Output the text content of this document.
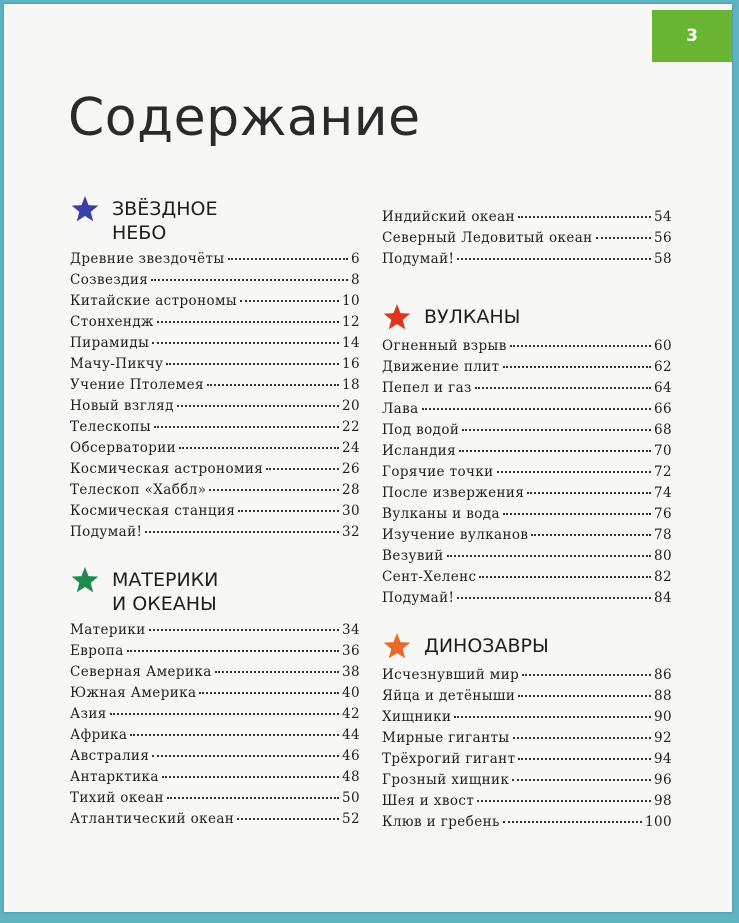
3
Содержание
ЗВЁЗДНОЕ
НЕБО
Древние звездочёты	6
Созвездия	8
Китайские астрономы	10
Стонхендж	12
Пирамиды	14
Мачу-Пикчу	16
Учение Птолемея	18
Новый взгляд	20
Телескопы	22
Обсерватории	24
Космическая астрономия	26
Телескоп «Хаббл»	28
Космическая станция	30
Подумай!	32
МАТЕРИКИ
И ОКЕАНЫ
Материки	34
Европа	36
Северная Америка	38
Южная Америка	40
Азия	42
Африка	44
Австралия	46
Антарктика	48
Тихий океан	50
Атлантический океан	52
Индийский океан	54
Северный Ледовитый океан	56
Подумай!	58
ВУЛКАНЫ
Огненный взрыв	60
Движение плит	62
Пепел и газ	64
Лава	66
Под водой	68
Исландия	70
Горячие точки	72
После извержения	74
Вулканы и вода	76
Изучение вулканов	78
Везувий	80
Сент-Хеленс	82
Подумай!	84
ДИНОЗАВРЫ
Исчезнувший мир	86
Яйца и детёныши	88
Хищники	90
Мирные гиганты	92
Трёхрогий гигант	94
Грозный хищник	96
Шея и хвост	98
Клюв и гребень	100
